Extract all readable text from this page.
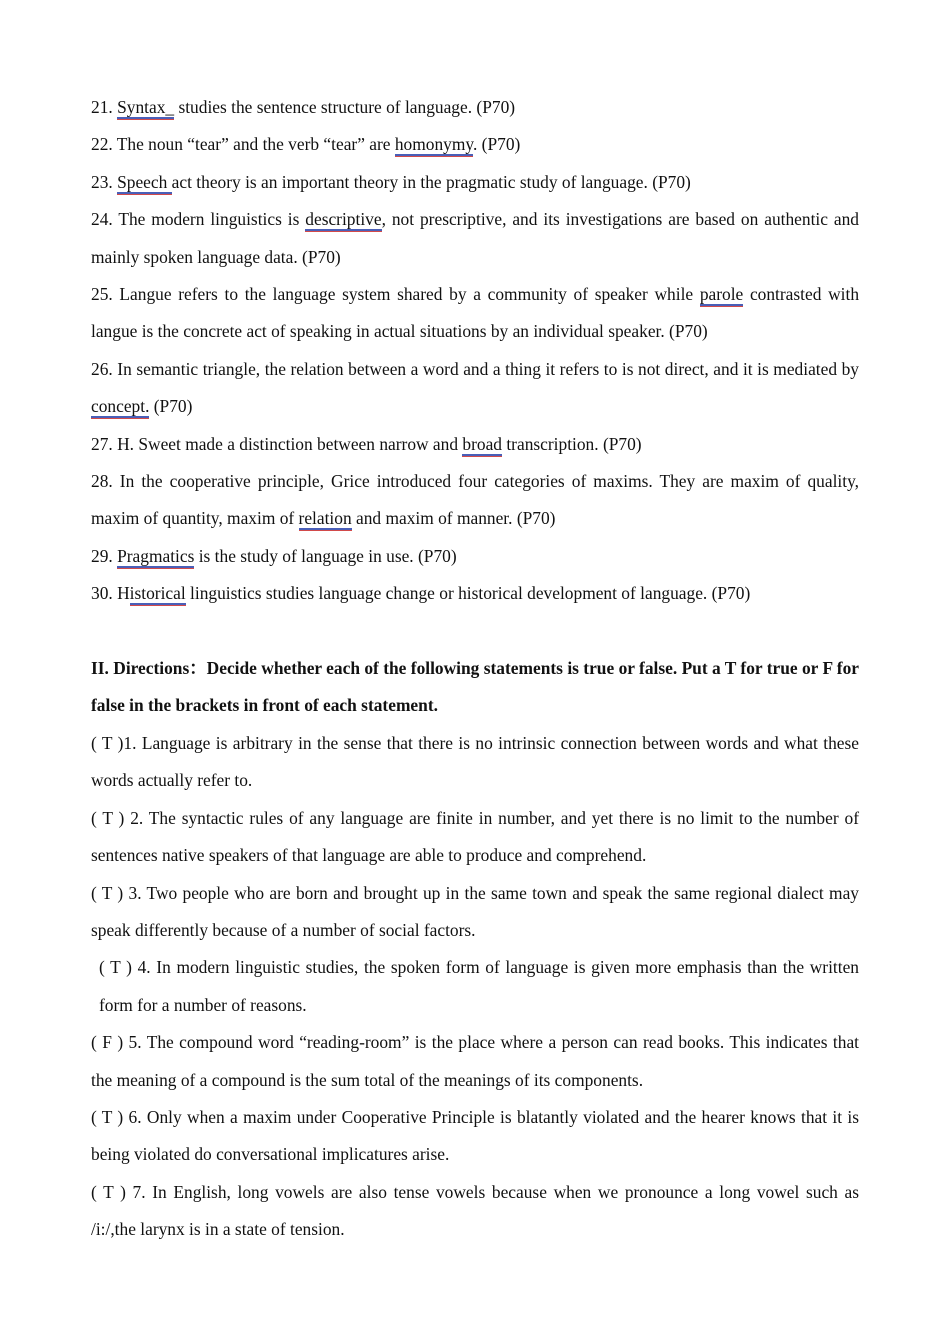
21. Syntax_ studies the sentence structure of language. (P70)

22. The noun “tear” and the verb “tear” are homonymy. (P70)

23. Speech act theory is an important theory in the pragmatic study of language. (P70)

24. The modern linguistics is descriptive, not prescriptive, and its investigations are based on authentic and mainly spoken language data. (P70)

25. Langue refers to the language system shared by a community of speaker while parole contrasted with langue is the concrete act of speaking in actual situations by an individual speaker. (P70)

26. In semantic triangle, the relation between a word and a thing it refers to is not direct, and it is mediated by concept. (P70)

27. H. Sweet made a distinction between narrow and broad transcription. (P70)

28. In the cooperative principle, Grice introduced four categories of maxims. They are maxim of quality, maxim of quantity, maxim of relation and maxim of manner. (P70)

29. Pragmatics is the study of language in use. (P70)

30. Historical linguistics studies language change or historical development of language. (P70)

II. Directions：Decide whether each of the following statements is true or false. Put a T for true or F for false in the brackets in front of each statement.

( T )1. Language is arbitrary in the sense that there is no intrinsic connection between words and what these words actually refer to.

( T ) 2. The syntactic rules of any language are finite in number, and yet there is no limit to the number of sentences native speakers of that language are able to produce and comprehend.

( T ) 3. Two people who are born and brought up in the same town and speak the same regional dialect may speak differently because of a number of social factors.

( T ) 4. In modern linguistic studies, the spoken form of language is given more emphasis than the written form for a number of reasons.

( F ) 5. The compound word “reading-room” is the place where a person can read books. This indicates that the meaning of a compound is the sum total of the meanings of its components.

( T ) 6. Only when a maxim under Cooperative Principle is blatantly violated and the hearer knows that it is being violated do conversational implicatures arise.

( T ) 7. In English, long vowels are also tense vowels because when we pronounce a long vowel such as /i:/,the larynx is in a state of tension.
